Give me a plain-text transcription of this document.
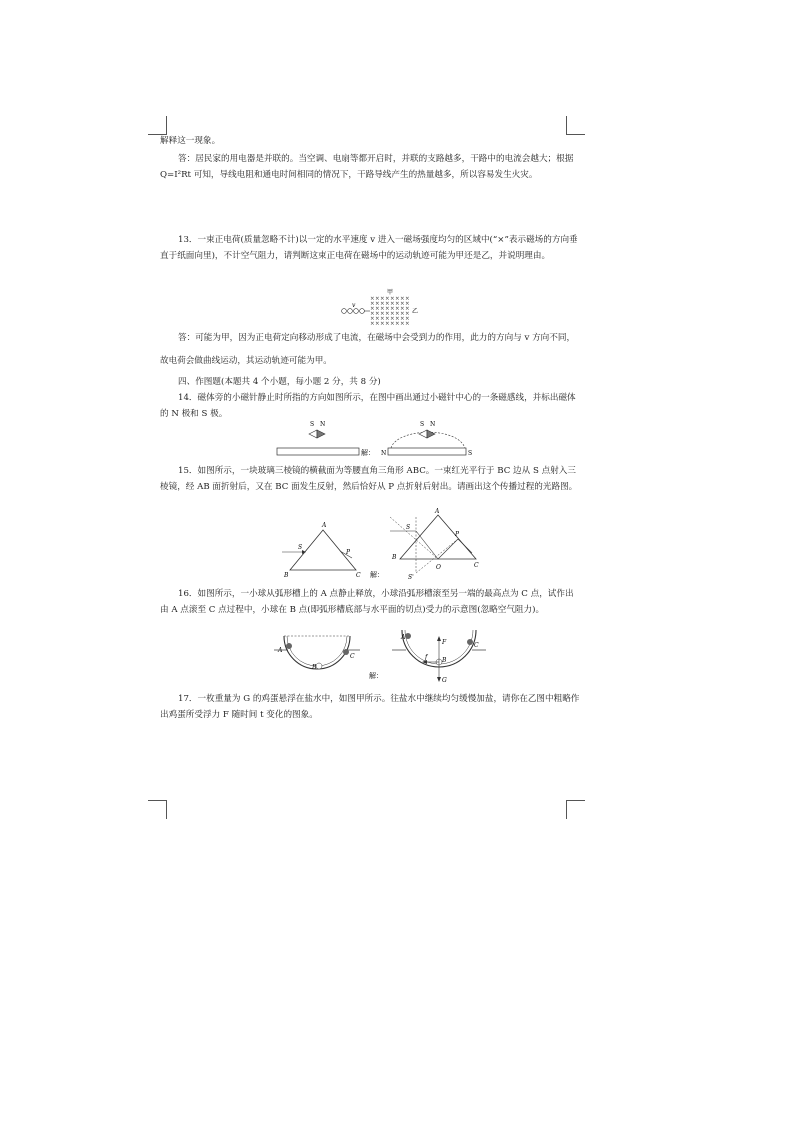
解释这一现象。

答：居民家的用电器是并联的。当空调、电扇等都开启时，并联的支路越多，干路中的电流会越大；根据 Q=I²Rt 可知，导线电阻和通电时间相同的情况下，干路导线产生的热量越多，所以容易发生火灾。

13．一束正电荷(质量忽略不计)以一定的水平速度 v 进入一磁场强度均匀的区域中(“×”表示磁场的方向垂直于纸面向里)，不计空气阻力，请判断这束正电荷在磁场中的运动轨迹可能为甲还是乙，并说明理由。

甲
v
× × × × × × × ×
× × × × × × × ×
× × × × × × × ×
× × × × × × × ×
× × × × × × × ×
× × × × × × × ×
乙

答：可能为甲，因为正电荷定向移动形成了电流，在磁场中会受到力的作用，此力的方向与 v 方向不同，故电荷会做曲线运动，其运动轨迹可能为甲。

四、作图题(本题共 4 个小题，每小题 2 分，共 8 分)

14．磁体旁的小磁针静止时所指的方向如图所示，在图中画出通过小磁针中心的一条磁感线，并标出磁体的 N 极和 S 极。

S N
解： N	S
S N

15．如图所示，一块玻璃三棱镜的横截面为等腰直角三角形 ABC。一束红光平行于 BC 边从 S 点射入三棱镜，经 AB 面折射后，又在 BC 面发生反射，然后恰好从 P 点折射后射出。请画出这个传播过程的光路图。

A
B	C
S
P
解：
A
B
C
S
P
O
S'

16．如图所示，一小球从弧形槽上的 A 点静止释放，小球沿弧形槽滚至另一端的最高点为 C 点，试作出由 A 点滚至 C 点过程中，小球在 B 点(即弧形槽底部与水平面的切点)受力的示意图(忽略空气阻力)。

A
B
C
解：
A
C
B
F
f
G

17．一枚重量为 G 的鸡蛋悬浮在盐水中，如图甲所示。往盐水中继续均匀缓慢加盐，请你在乙图中粗略作出鸡蛋所受浮力 F 随时间 t 变化的图象。
